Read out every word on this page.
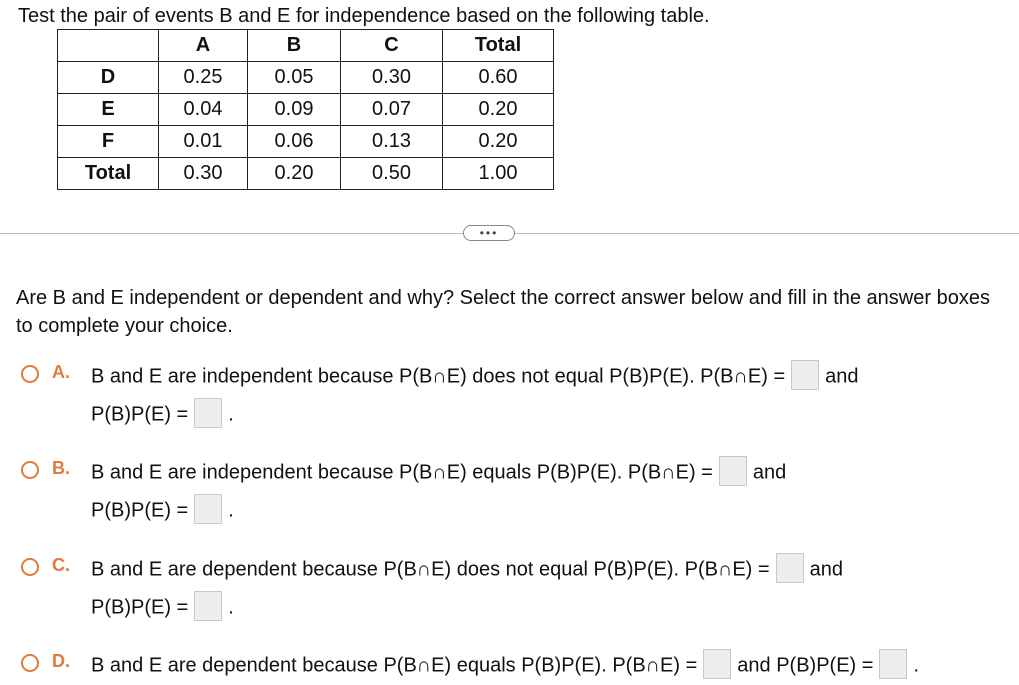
Test the pair of events B and E for independence based on the following table.
	A	B	C	Total
D	0.25	0.05	0.30	0.60
E	0.04	0.09	0.07	0.20
F	0.01	0.06	0.13	0.20
Total	0.30	0.20	0.50	1.00
•••
Are B and E independent or dependent and why? Select the correct answer below and fill in the answer boxes to complete your choice.
A. B and E are independent because P(B∩E) does not equal P(B)P(E). P(B∩E) = and
P(B)P(E) = .
B. B and E are independent because P(B∩E) equals P(B)P(E). P(B∩E) = and
P(B)P(E) = .
C. B and E are dependent because P(B∩E) does not equal P(B)P(E). P(B∩E) = and
P(B)P(E) = .
D. B and E are dependent because P(B∩E) equals P(B)P(E). P(B∩E) = and P(B)P(E) = .
